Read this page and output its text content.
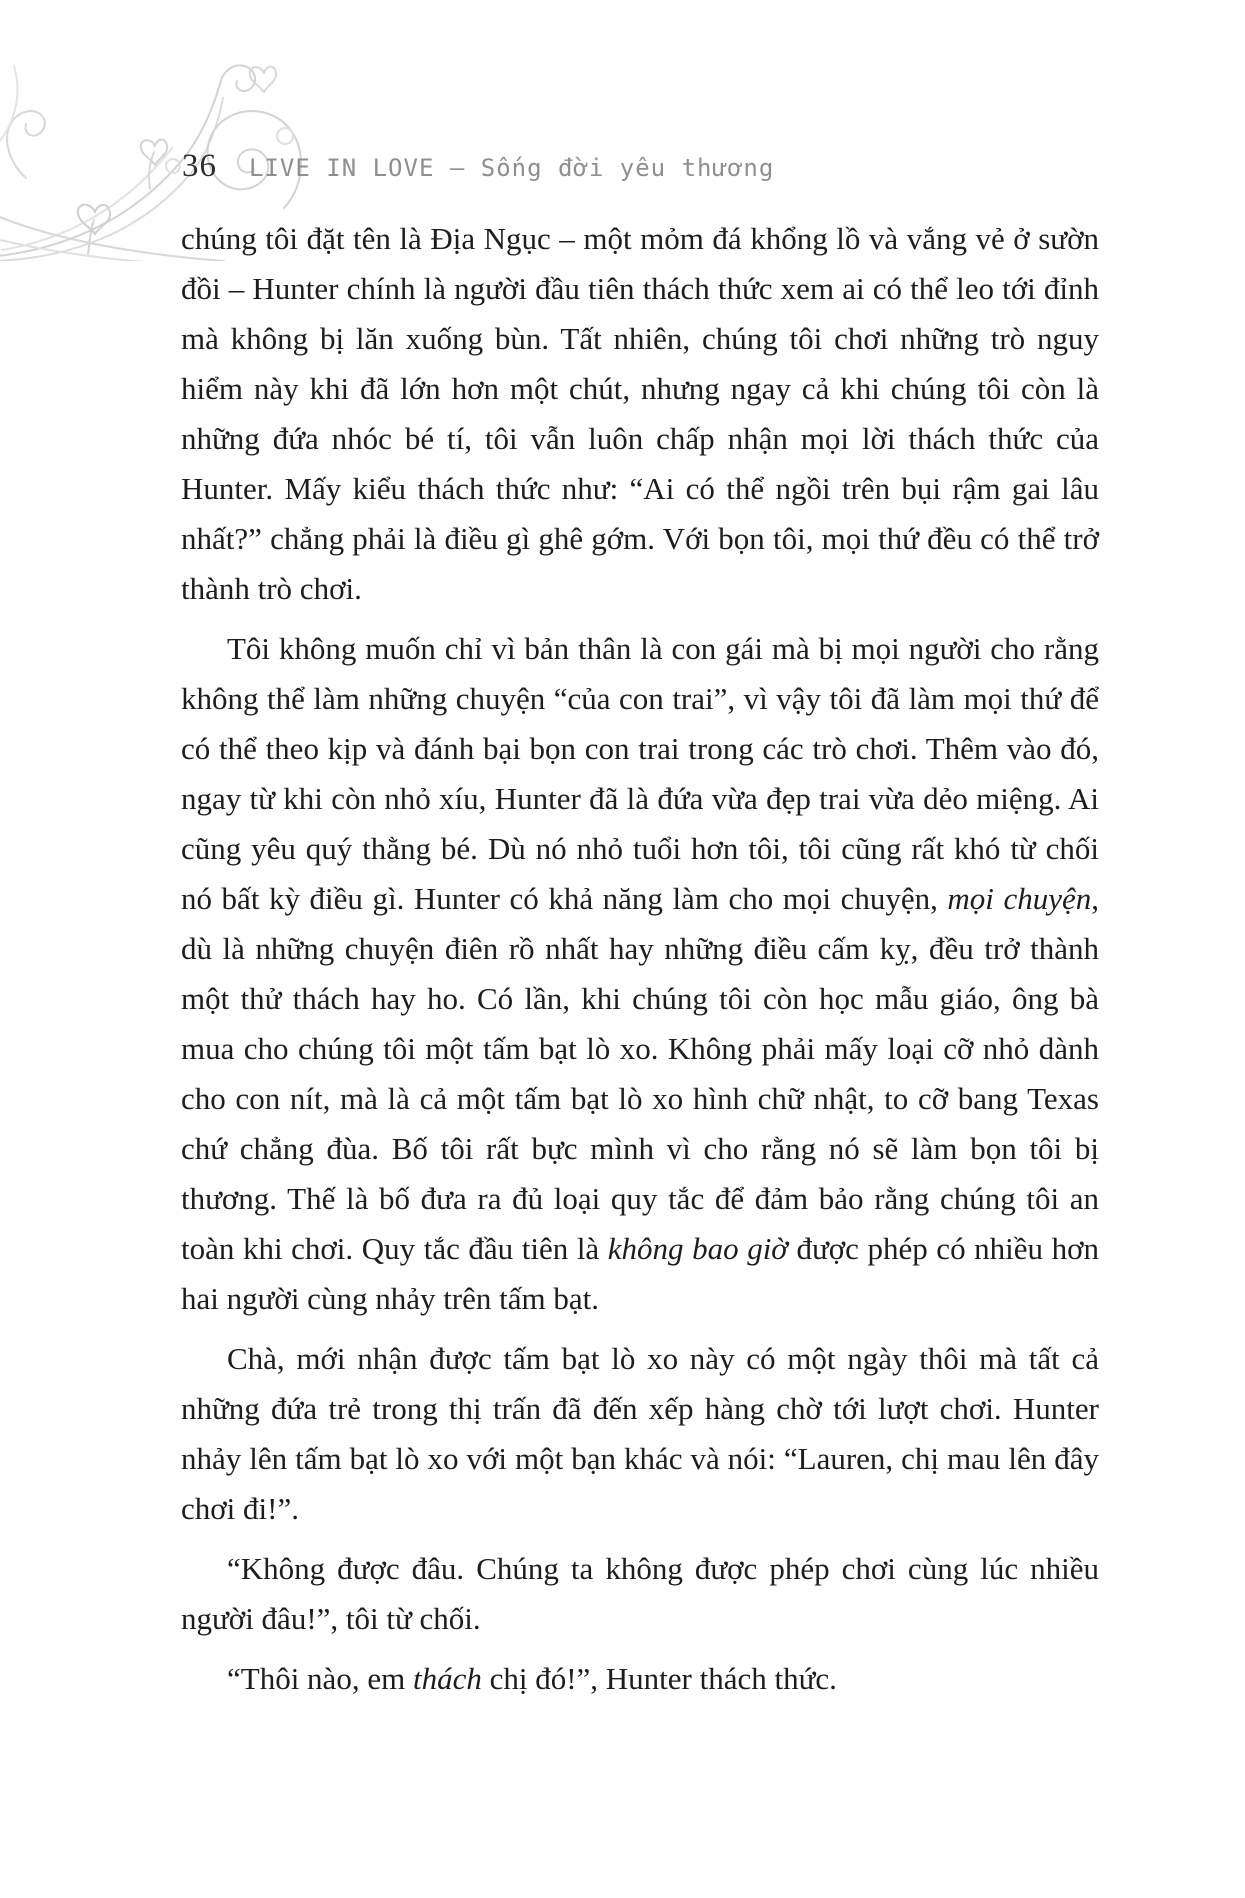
36 LIVE IN LOVE – Sống đời yêu thương

chúng tôi đặt tên là Địa Ngục – một mỏm đá khổng lồ và vắng vẻ ở sườn đồi – Hunter chính là người đầu tiên thách thức xem ai có thể leo tới đỉnh mà không bị lăn xuống bùn. Tất nhiên, chúng tôi chơi những trò nguy hiểm này khi đã lớn hơn một chút, nhưng ngay cả khi chúng tôi còn là những đứa nhóc bé tí, tôi vẫn luôn chấp nhận mọi lời thách thức của Hunter. Mấy kiểu thách thức như: “Ai có thể ngồi trên bụi rậm gai lâu nhất?” chẳng phải là điều gì ghê gớm. Với bọn tôi, mọi thứ đều có thể trở thành trò chơi.

Tôi không muốn chỉ vì bản thân là con gái mà bị mọi người cho rằng không thể làm những chuyện “của con trai”, vì vậy tôi đã làm mọi thứ để có thể theo kịp và đánh bại bọn con trai trong các trò chơi. Thêm vào đó, ngay từ khi còn nhỏ xíu, Hunter đã là đứa vừa đẹp trai vừa dẻo miệng. Ai cũng yêu quý thằng bé. Dù nó nhỏ tuổi hơn tôi, tôi cũng rất khó từ chối nó bất kỳ điều gì. Hunter có khả năng làm cho mọi chuyện, mọi chuyện, dù là những chuyện điên rồ nhất hay những điều cấm kỵ, đều trở thành một thử thách hay ho. Có lần, khi chúng tôi còn học mẫu giáo, ông bà mua cho chúng tôi một tấm bạt lò xo. Không phải mấy loại cỡ nhỏ dành cho con nít, mà là cả một tấm bạt lò xo hình chữ nhật, to cỡ bang Texas chứ chẳng đùa. Bố tôi rất bực mình vì cho rằng nó sẽ làm bọn tôi bị thương. Thế là bố đưa ra đủ loại quy tắc để đảm bảo rằng chúng tôi an toàn khi chơi. Quy tắc đầu tiên là không bao giờ được phép có nhiều hơn hai người cùng nhảy trên tấm bạt.

Chà, mới nhận được tấm bạt lò xo này có một ngày thôi mà tất cả những đứa trẻ trong thị trấn đã đến xếp hàng chờ tới lượt chơi. Hunter nhảy lên tấm bạt lò xo với một bạn khác và nói: “Lauren, chị mau lên đây chơi đi!”.

“Không được đâu. Chúng ta không được phép chơi cùng lúc nhiều người đâu!”, tôi từ chối.

“Thôi nào, em thách chị đó!”, Hunter thách thức.
